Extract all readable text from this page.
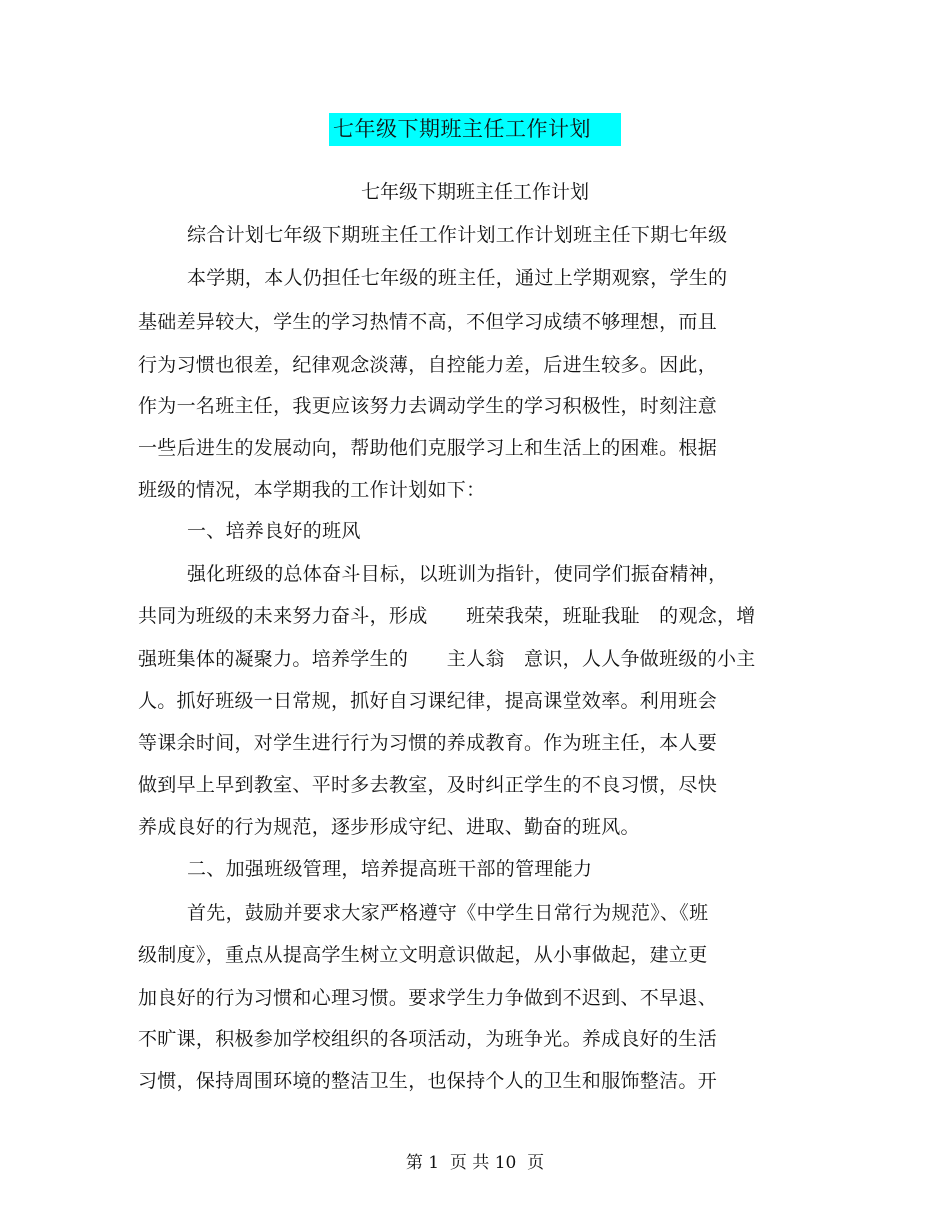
七年级下期班主任工作计划
七年级下期班主任工作计划
综合计划七年级下期班主任工作计划工作计划班主任下期七年级
本学期，本人仍担任七年级的班主任，通过上学期观察，学生的
基础差异较大，学生的学习热情不高，不但学习成绩不够理想，而且
行为习惯也很差，纪律观念淡薄，自控能力差，后进生较多。因此，
作为一名班主任，我更应该努力去调动学生的学习积极性，时刻注意
一些后进生的发展动向，帮助他们克服学习上和生活上的困难。根据
班级的情况，本学期我的工作计划如下：
一、培养良好的班风
强化班级的总体奋斗目标，以班训为指针，使同学们振奋精神，
共同为班级的未来努力奋斗，形成　　班荣我荣，班耻我耻　的观念，增
强班集体的凝聚力。培养学生的　　主人翁　意识，人人争做班级的小主
人。抓好班级一日常规，抓好自习课纪律，提高课堂效率。利用班会
等课余时间，对学生进行行为习惯的养成教育。作为班主任，本人要
做到早上早到教室、平时多去教室，及时纠正学生的不良习惯，尽快
养成良好的行为规范，逐步形成守纪、进取、勤奋的班风。
二、加强班级管理，培养提高班干部的管理能力
首先，鼓励并要求大家严格遵守《中学生日常行为规范》、《班
级制度》，重点从提高学生树立文明意识做起，从小事做起，建立更
加良好的行为习惯和心理习惯。要求学生力争做到不迟到、不早退、
不旷课，积极参加学校组织的各项活动，为班争光。养成良好的生活
习惯，保持周围环境的整洁卫生，也保持个人的卫生和服饰整洁。开
第 1  页 共 10  页
